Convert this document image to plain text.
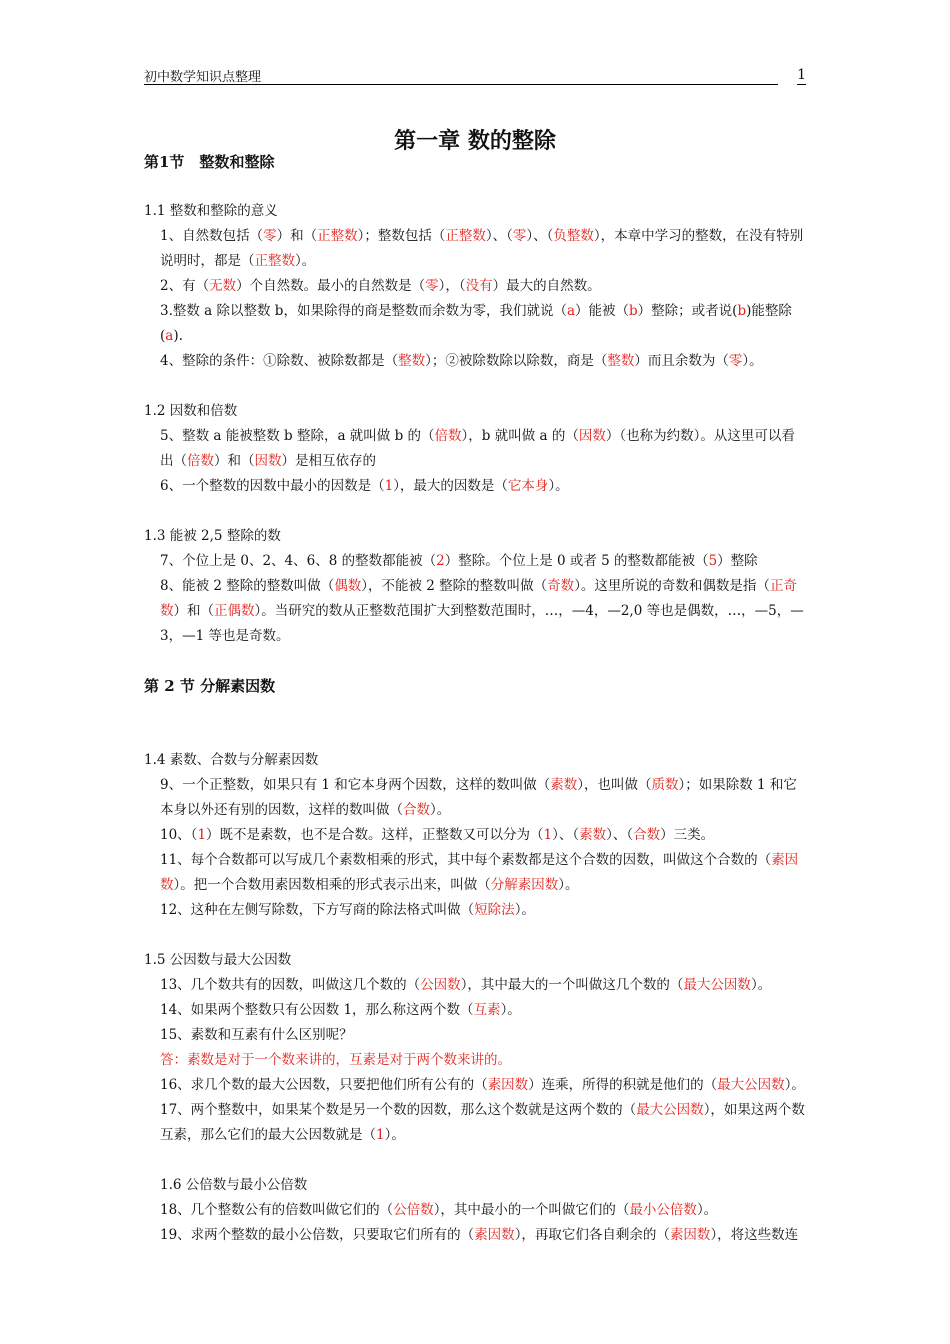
初中数学知识点整理	1
第一章 数的整除
第1节　整数和整除
1.1 整数和整除的意义
1、自然数包括（零）和（正整数）；整数包括（正整数）、（零）、（负整数），本章中学习的整数，在没有特别说明时，都是（正整数）。
2、有（无数）个自然数。最小的自然数是（零），（没有）最大的自然数。
3.整数 a 除以整数 b，如果除得的商是整数而余数为零，我们就说（a）能被（b）整除；或者说(b)能整除(a).
4、整除的条件：①除数、被除数都是（整数）；②被除数除以除数，商是（整数）而且余数为（零）。
1.2 因数和倍数
5、整数 a 能被整数 b 整除，a 就叫做 b 的（倍数），b 就叫做 a 的（因数）（也称为约数）。从这里可以看出（倍数）和（因数）是相互依存的
6、一个整数的因数中最小的因数是（1），最大的因数是（它本身）。
1.3 能被 2,5 整除的数
7、个位上是 0、2、4、6、8 的整数都能被（2）整除。个位上是 0 或者 5 的整数都能被（5）整除
8、能被 2 整除的整数叫做（偶数），不能被 2 整除的整数叫做（奇数）。这里所说的奇数和偶数是指（正奇数）和（正偶数）。当研究的数从正整数范围扩大到整数范围时，…，—4，—2,0 等也是偶数，…，—5，—3，—1 等也是奇数。
第 2 节 分解素因数
1.4 素数、合数与分解素因数
9、一个正整数，如果只有 1 和它本身两个因数，这样的数叫做（素数），也叫做（质数）；如果除数 1 和它本身以外还有别的因数，这样的数叫做（合数）。
10、（1）既不是素数，也不是合数。这样，正整数又可以分为（1）、（素数）、（合数）三类。
11、每个合数都可以写成几个素数相乘的形式，其中每个素数都是这个合数的因数，叫做这个合数的（素因数）。把一个合数用素因数相乘的形式表示出来，叫做（分解素因数）。
12、这种在左侧写除数，下方写商的除法格式叫做（短除法）。
1.5 公因数与最大公因数
13、几个数共有的因数，叫做这几个数的（公因数），其中最大的一个叫做这几个数的（最大公因数）。
14、如果两个整数只有公因数 1，那么称这两个数（互素）。
15、素数和互素有什么区别呢？
答：素数是对于一个数来讲的，互素是对于两个数来讲的。
16、求几个数的最大公因数，只要把他们所有公有的（素因数）连乘，所得的积就是他们的（最大公因数）。
17、两个整数中，如果某个数是另一个数的因数，那么这个数就是这两个数的（最大公因数），如果这两个数互素，那么它们的最大公因数就是（1）。
1.6 公倍数与最小公倍数
18、几个整数公有的倍数叫做它们的（公倍数），其中最小的一个叫做它们的（最小公倍数）。
19、求两个整数的最小公倍数，只要取它们所有的（素因数），再取它们各自剩余的（素因数），将这些数连
